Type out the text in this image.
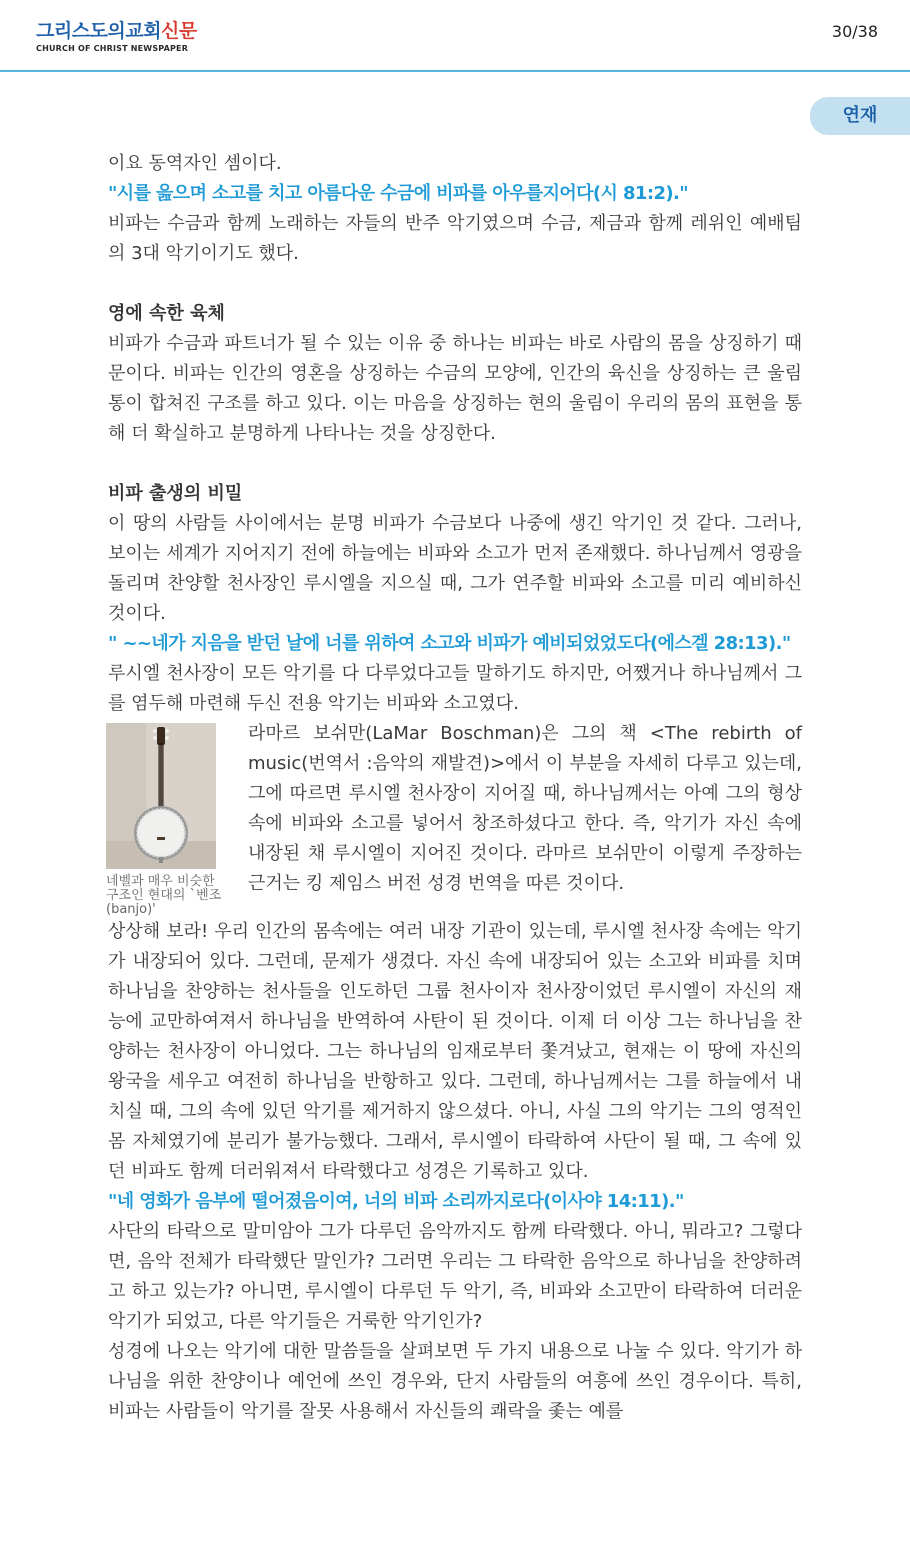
그리스도의교회신문
CHURCH OF CHRIST NEWSPAPER
30/38
연재

이요 동역자인 셈이다.

"시를 읊으며 소고를 치고 아름다운 수금에 비파를 아우를지어다(시 81:2)."

비파는 수금과 함께 노래하는 자들의 반주 악기였으며 수금, 제금과 함께 레위인 예배팀의 3대 악기이기도 했다.

영에 속한 육체

비파가 수금과 파트너가 될 수 있는 이유 중 하나는 비파는 바로 사람의 몸을 상징하기 때문이다. 비파는 인간의 영혼을 상징하는 수금의 모양에, 인간의 육신을 상징하는 큰 울림통이 합쳐진 구조를 하고 있다. 이는 마음을 상징하는 현의 울림이 우리의 몸의 표현을 통해 더 확실하고 분명하게 나타나는 것을 상징한다.

비파 출생의 비밀

이 땅의 사람들 사이에서는 분명 비파가 수금보다 나중에 생긴 악기인 것 같다. 그러나, 보이는 세계가 지어지기 전에 하늘에는 비파와 소고가 먼저 존재했다. 하나님께서 영광을 돌리며 찬양할 천사장인 루시엘을 지으실 때, 그가 연주할 비파와 소고를 미리 예비하신 것이다.

" ~~네가 지음을 받던 날에 너를 위하여 소고와 비파가 예비되었었도다(에스겔 28:13)."

루시엘 천사장이 모든 악기를 다 다루었다고들 말하기도 하지만, 어쨌거나 하나님께서 그를 염두해 마련해 두신 전용 악기는 비파와 소고였다.

네벨과 매우 비슷한 구조인 현대의 `벤조(banjo)'

라마르 보쉬만(LaMar Boschman)은 그의 책 <The rebirth of music(번역서 :음악의 재발견)>에서 이 부분을 자세히 다루고 있는데, 그에 따르면 루시엘 천사장이 지어질 때, 하나님께서는 아예 그의 형상 속에 비파와 소고를 넣어서 창조하셨다고 한다. 즉, 악기가 자신 속에 내장된 채 루시엘이 지어진 것이다. 라마르 보쉬만이 이렇게 주장하는 근거는 킹 제임스 버전 성경 번역을 따른 것이다.

상상해 보라! 우리 인간의 몸속에는 여러 내장 기관이 있는데, 루시엘 천사장 속에는 악기가 내장되어 있다. 그런데, 문제가 생겼다. 자신 속에 내장되어 있는 소고와 비파를 치며 하나님을 찬양하는 천사들을 인도하던 그룹 천사이자 천사장이었던 루시엘이 자신의 재능에 교만하여져서 하나님을 반역하여 사탄이 된 것이다. 이제 더 이상 그는 하나님을 찬양하는 천사장이 아니었다. 그는 하나님의 임재로부터 쫓겨났고, 현재는 이 땅에 자신의 왕국을 세우고 여전히 하나님을 반항하고 있다. 그런데, 하나님께서는 그를 하늘에서 내치실 때, 그의 속에 있던 악기를 제거하지 않으셨다. 아니, 사실 그의 악기는 그의 영적인 몸 자체였기에 분리가 불가능했다. 그래서, 루시엘이 타락하여 사단이 될 때, 그 속에 있던 비파도 함께 더러워져서 타락했다고 성경은 기록하고 있다.

"네 영화가 음부에 떨어졌음이여, 너의 비파 소리까지로다(이사야 14:11)."

사단의 타락으로 말미암아 그가 다루던 음악까지도 함께 타락했다. 아니, 뭐라고? 그렇다면, 음악 전체가 타락했단 말인가? 그러면 우리는 그 타락한 음악으로 하나님을 찬양하려고 하고 있는가? 아니면, 루시엘이 다루던 두 악기, 즉, 비파와 소고만이 타락하여 더러운 악기가 되었고, 다른 악기들은 거룩한 악기인가?

성경에 나오는 악기에 대한 말씀들을 살펴보면 두 가지 내용으로 나눌 수 있다. 악기가 하나님을 위한 찬양이나 예언에 쓰인 경우와, 단지 사람들의 여흥에 쓰인 경우이다. 특히, 비파는 사람들이 악기를 잘못 사용해서 자신들의 쾌락을 좇는 예를
